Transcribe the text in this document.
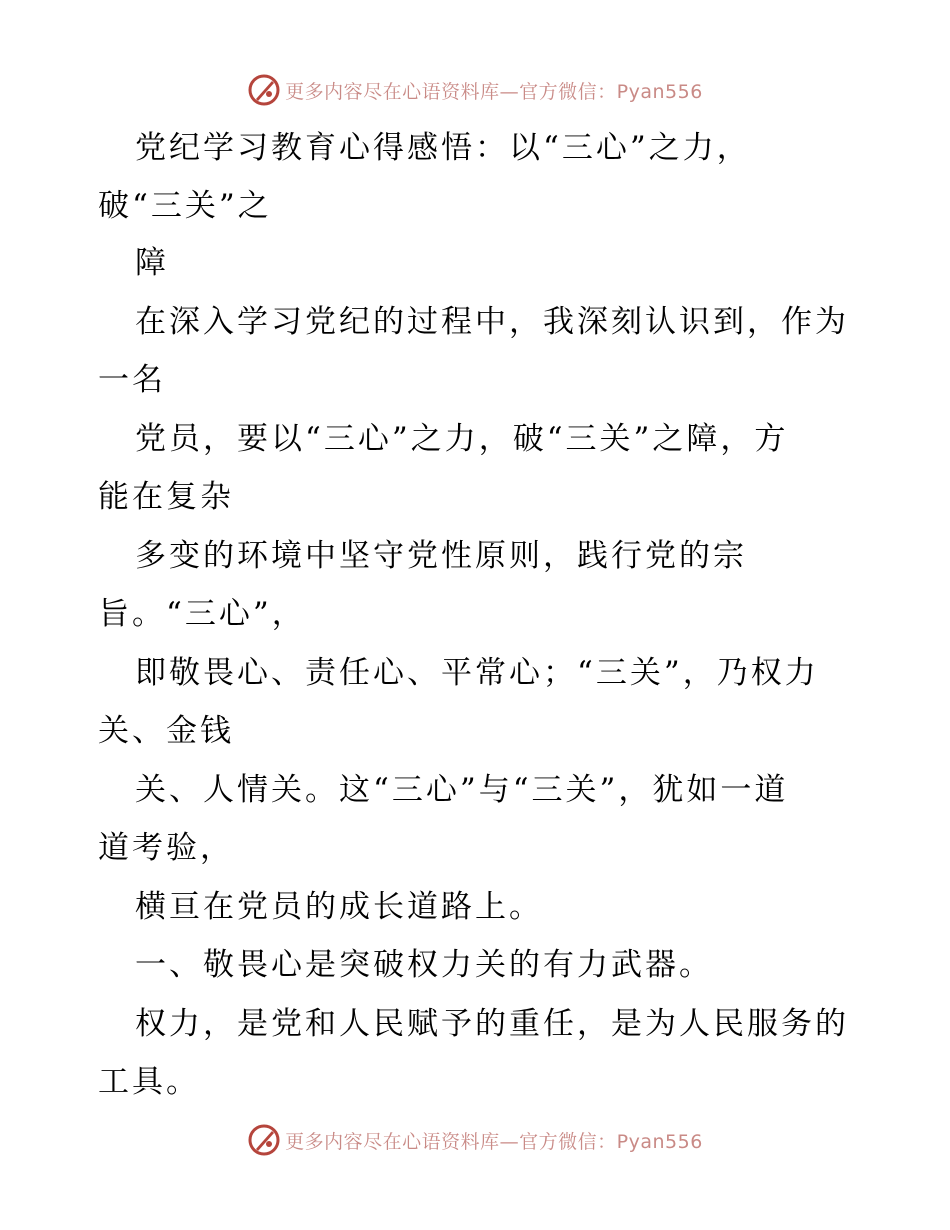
更多内容尽在心语资料库—官方微信：Pyan556
党纪学习教育心得感悟：以“三心”之力，
破“三关”之
障
在深入学习党纪的过程中，我深刻认识到，作为
一名
党员，要以“三心”之力，破“三关”之障，方
能在复杂
多变的环境中坚守党性原则，践行党的宗
旨。“三心”，
即敬畏心、责任心、平常心；“三关”，乃权力
关、金钱
关、人情关。这“三心”与“三关”，犹如一道
道考验，
横亘在党员的成长道路上。
一、敬畏心是突破权力关的有力武器。
权力，是党和人民赋予的重任，是为人民服务的
工具。
更多内容尽在心语资料库—官方微信：Pyan556
